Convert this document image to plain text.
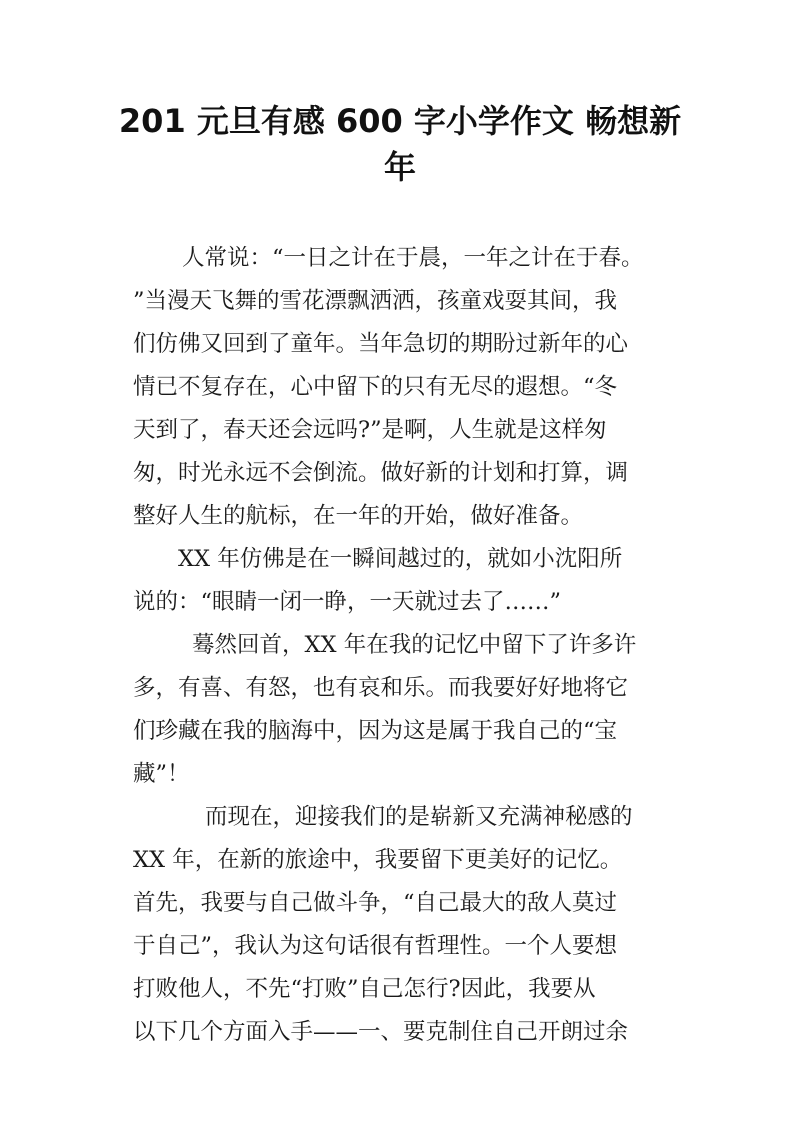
201 元旦有感 600 字小学作文 畅想新
年
人常说：“一日之计在于晨，一年之计在于春。
”当漫天飞舞的雪花漂飘洒洒，孩童戏耍其间，我
们仿佛又回到了童年。当年急切的期盼过新年的心
情已不复存在，心中留下的只有无尽的遐想。“冬
天到了，春天还会远吗?”是啊，人生就是这样匆
匆，时光永远不会倒流。做好新的计划和打算，调
整好人生的航标，在一年的开始，做好准备。
XX 年仿佛是在一瞬间越过的，就如小沈阳所
说的：“眼睛一闭一睁，一天就过去了……”
蓦然回首，XX 年在我的记忆中留下了许多许
多，有喜、有怒，也有哀和乐。而我要好好地将它
们珍藏在我的脑海中，因为这是属于我自己的“宝
藏”！
而现在，迎接我们的是崭新又充满神秘感的
XX 年，在新的旅途中，我要留下更美好的记忆。
首先，我要与自己做斗争，“自己最大的敌人莫过
于自己”，我认为这句话很有哲理性。一个人要想
打败他人，不先“打败”自己怎行?因此，我要从
以下几个方面入手——一、要克制住自己开朗过余
